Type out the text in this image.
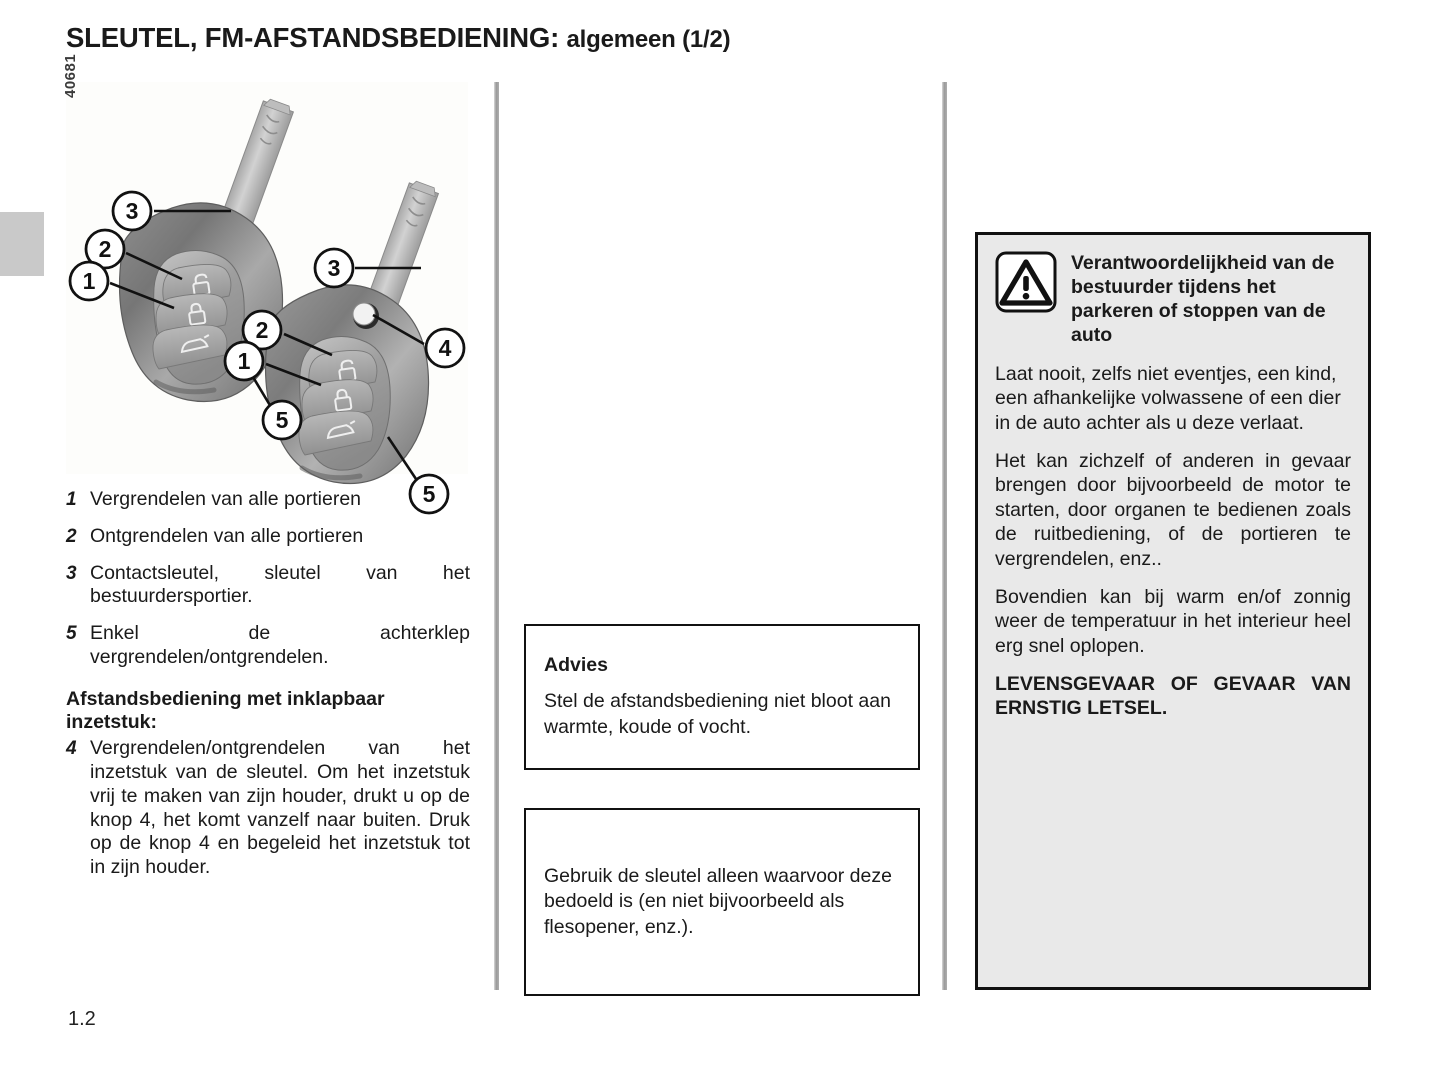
SLEUTEL, FM-AFSTANDSBEDIENING: algemeen (1/2)
40681
3
3
2
1
5
2
1	4
5
1 Vergrendelen van alle portieren
2 Ontgrendelen van alle portieren
3 Contactsleutel, sleutel van het bestuurdersportier.
5 Enkel de achterklep vergrendelen/ontgrendelen.
Afstandsbediening met inklapbaar inzetstuk:
4 Vergrendelen/ontgrendelen van het inzetstuk van de sleutel. Om het inzetstuk vrij te maken van zijn houder, drukt u op de knop 4, het komt vanzelf naar buiten. Druk op de knop 4 en begeleid het inzetstuk tot in zijn houder.
Advies
Stel de afstandsbediening niet bloot aan warmte, koude of vocht.
Gebruik de sleutel alleen waarvoor deze bedoeld is (en niet bijvoorbeeld als flesopener, enz.).
Verantwoordelijkheid van de bestuurder tijdens het parkeren of stoppen van de auto
Laat nooit, zelfs niet eventjes, een kind, een afhankelijke volwassene of een dier in de auto achter als u deze verlaat.
Het kan zichzelf of anderen in gevaar brengen door bijvoorbeeld de motor te starten, door organen te bedienen zoals de ruitbediening, of de portieren te vergrendelen, enz..
Bovendien kan bij warm en/of zonnig weer de temperatuur in het interieur heel erg snel oplopen.
LEVENSGEVAAR OF GEVAAR VAN ERNSTIG LETSEL.
1.2
